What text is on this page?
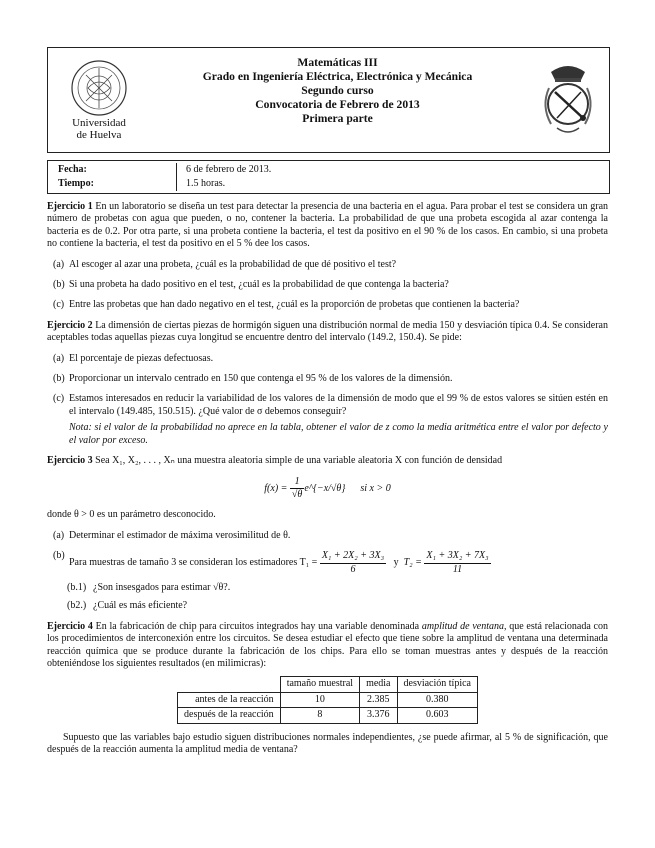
Universidad
de Huelva
Matemáticas III
Grado en Ingeniería Eléctrica, Electrónica y Mecánica
Segundo curso
Convocatoria de Febrero de 2013
Primera parte
Fecha:	6 de febrero de 2013.
Tiempo:	1.5 horas.

Ejercicio 1 En un laboratorio se diseña un test para detectar la presencia de una bacteria en el agua. Para probar el test se considera un gran número de probetas con agua que pueden, o no, contener la bacteria. La probabilidad de que una probeta escogida al azar contenga la bacteria es de 0.2. Por otra parte, si una probeta contiene la bacteria, el test da positivo en el 90 % de los casos. En cambio, si una probeta no contiene la bacteria, el test da positivo en el 5 % dee los casos.

(a) Al escoger al azar una probeta, ¿cuál es la probabilidad de que dé positivo el test?
(b) Si una probeta ha dado positivo en el test, ¿cuál es la probabilidad de que contenga la bacteria?
(c) Entre las probetas que han dado negativo en el test, ¿cuál es la proporción de probetas que contienen la bacteria?

Ejercicio 2 La dimensión de ciertas piezas de hormigón siguen una distribución normal de media 150 y desviación típica 0.4. Se consideran aceptables todas aquellas piezas cuya longitud se encuentre dentro del intervalo (149.2, 150.4). Se pide:

(a) El porcentaje de piezas defectuosas.
(b) Proporcionar un intervalo centrado en 150 que contenga el 95 % de los valores de la dimensión.
(c) Estamos interesados en reducir la variabilidad de los valores de la dimensión de modo que el 99 % de estos valores se sitúen estén en el intervalo (149.485, 150.515). ¿Qué valor de σ debemos conseguir?

Nota: si el valor de la probabilidad no aprece en la tabla, obtener el valor de z como la media aritmética entre el valor por defecto y el valor por exceso.

Ejercicio 3 Sea X₁, X₂, . . . , Xₙ una muestra aleatoria simple de una variable aleatoria X con función de densidad

$f(x) = \frac{1}{√\theta}$ e^{−x/√θ} si x > 0

donde θ > 0 es un parámetro desconocido.

(a) Determinar el estimador de máxima verosimilitud de θ.
(b)
Para muestras de tamaño 3 se consideran los estimadores $T_1 = \frac{\text{X₁ + 2X₂ + 3X₃}}{6}$ y $T_2 = \frac{\text{X₁ + 3X₂ + 7X₃}}{11}$
(b.1) ¿Son insesgados para estimar √θ?.
(b2.) ¿Cuál es más eficiente?

Ejercicio 4 En la fabricación de chip para circuitos integrados hay una variable denominada amplitud de ventana, que está relacionada con los procedimientos de interconexión entre los circuitos. Se desea estudiar el efecto que tiene sobre la amplitud de ventana una determinada reacción química que se produce durante la fabricación de los chips. Para ello se toman muestras antes y después de la reacción obteniéndose los siguientes resultados (en milimicras):

	tamaño muestral	media	desviación típica
antes de la reacción	10	2.385	0.380
después de la reacción	8	3.376	0.603

Supuesto que las variables bajo estudio siguen distribuciones normales independientes, ¿se puede afirmar, al 5 % de significación, que después de la reacción aumenta la amplitud media de ventana?
